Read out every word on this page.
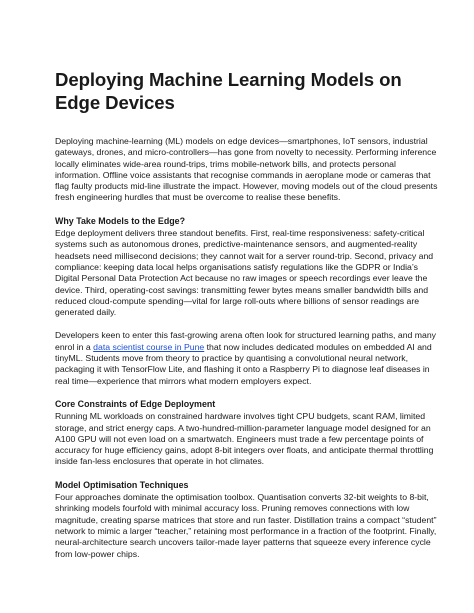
Deploying Machine Learning Models on Edge Devices

Deploying machine-learning (ML) models on edge devices—smartphones, IoT sensors, industrial gateways, drones, and micro-controllers—has gone from novelty to necessity. Performing inference locally eliminates wide-area round-trips, trims mobile-network bills, and protects personal information. Offline voice assistants that recognise commands in aeroplane mode or cameras that flag faulty products mid-line illustrate the impact. However, moving models out of the cloud presents fresh engineering hurdles that must be overcome to realise these benefits.

Why Take Models to the Edge?

Edge deployment delivers three standout benefits. First, real-time responsiveness: safety-critical systems such as autonomous drones, predictive-maintenance sensors, and augmented-reality headsets need millisecond decisions; they cannot wait for a server round-trip. Second, privacy and compliance: keeping data local helps organisations satisfy regulations like the GDPR or India’s Digital Personal Data Protection Act because no raw images or speech recordings ever leave the device. Third, operating-cost savings: transmitting fewer bytes means smaller bandwidth bills and reduced cloud-compute spending—vital for large roll-outs where billions of sensor readings are generated daily.

Developers keen to enter this fast-growing arena often look for structured learning paths, and many enrol in a data scientist course in Pune that now includes dedicated modules on embedded AI and tinyML. Students move from theory to practice by quantising a convolutional neural network, packaging it with TensorFlow Lite, and flashing it onto a Raspberry Pi to diagnose leaf diseases in real time—experience that mirrors what modern employers expect.

Core Constraints of Edge Deployment

Running ML workloads on constrained hardware involves tight CPU budgets, scant RAM, limited storage, and strict energy caps. A two-hundred-million-parameter language model designed for an A100 GPU will not even load on a smartwatch. Engineers must trade a few percentage points of accuracy for huge efficiency gains, adopt 8-bit integers over floats, and anticipate thermal throttling inside fan-less enclosures that operate in hot climates.

Model Optimisation Techniques

Four approaches dominate the optimisation toolbox. Quantisation converts 32-bit weights to 8-bit, shrinking models fourfold with minimal accuracy loss. Pruning removes connections with low magnitude, creating sparse matrices that store and run faster. Distillation trains a compact “student” network to mimic a larger “teacher,” retaining most performance in a fraction of the footprint. Finally, neural-architecture search uncovers tailor-made layer patterns that squeeze every inference cycle from low-power chips.
